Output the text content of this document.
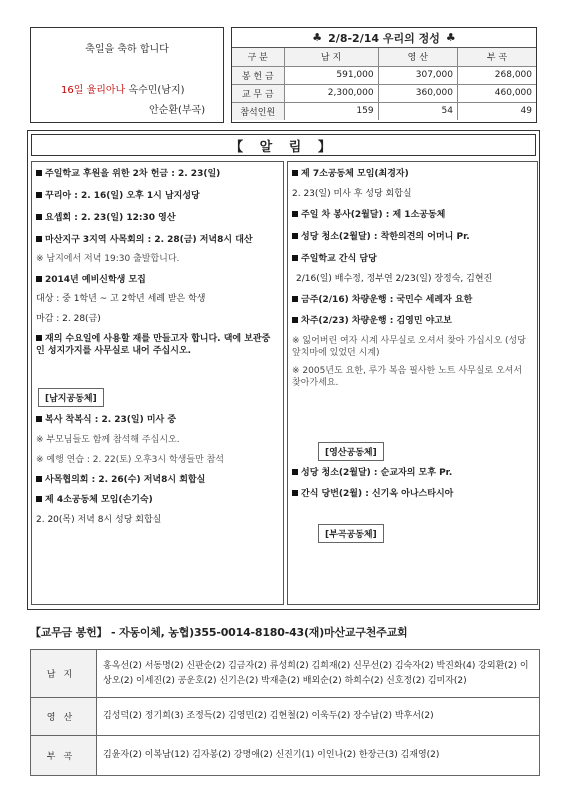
축일을 축하 합니다
16일 율리아나 옥수민(남지)
안순환(부곡)
♣ 2/8-2/14 우리의 정성 ♣
구 분	남 지	영 산	부 곡
봉 헌 금	591,000	307,000	268,000
교 무 금	2,300,000	360,000	460,000
참석인원	159	54	49
【 알 림 】
주일학교 후원을 위한 2차 헌금 : 2. 23(일)
꾸리아 : 2. 16(일) 오후 1시 남지성당
요셉회 : 2. 23(일) 12:30 영산
마산지구 3지역 사목회의 : 2. 28(금) 저녁8시 대산
※ 남지에서 저녁 19:30 출발합니다.
2014년 예비신학생 모집
대상 : 중 1학년 ~ 고 2학년 세례 받은 학생
마감 : 2. 28(금)
재의 수요일에 사용할 재를 만들고자 합니다. 댁에 보관중인 성지가지를 사무실로 내어 주십시오.
[남지공동체]
복사 착복식 : 2. 23(일) 미사 중
※ 부모님들도 함께 참석해 주십시오.
※ 예행 연습 : 2. 22(토) 오후3시 학생들만 참석
사목협의회 : 2. 26(수) 저녁8시 회합실
제 4소공동체 모임(손기숙)
2. 20(목) 저녁 8시 성당 회합실
제 7소공동체 모임(최경자)
2. 23(일) 미사 후 성당 회합실
주일 차 봉사(2월달) : 제 1소공동체
성당 청소(2월달) : 착한의견의 어머니 Pr.
주일학교 간식 담당
2/16(일) 배수정, 정부연 2/23(일) 장정숙, 김현진
금주(2/16) 차량운행 : 국민수 세례자 요한
차주(2/23) 차량운행 : 김영민 야고보
※ 잃어버린 여자 시계 사무실로 오셔서 찾아 가십시오 (성당 앞치마에 있었던 시계)
※ 2005년도 요한, 루가 복음 필사한 노트 사무실로 오셔서 찾아가세요.
[영산공동체]
성당 청소(2월달) : 순교자의 모후 Pr.
간식 당번(2월) : 신기옥 아나스타시아
[부곡공동체]
【교무금 봉헌】 - 자동이체, 농협)355-0014-8180-43(재)마산교구천주교회
남지	홍옥선(2) 서동명(2) 신판순(2) 김금자(2) 류성희(2) 김희재(2) 신무선(2) 김숙자(2) 박진화(4) 강외환(2) 이상오(2) 이세진(2) 공운호(2) 신기은(2) 박재춘(2) 배외순(2) 하희수(2) 신호정(2) 김미자(2)
영산	김성덕(2) 정기희(3) 조정득(2) 김영민(2) 김현철(2) 이욱두(2) 장수남(2) 박후서(2)
부곡	김윤자(2) 이복남(12) 김자봉(2) 강명애(2) 신진기(1) 이인나(2) 한장근(3) 김재영(2)
